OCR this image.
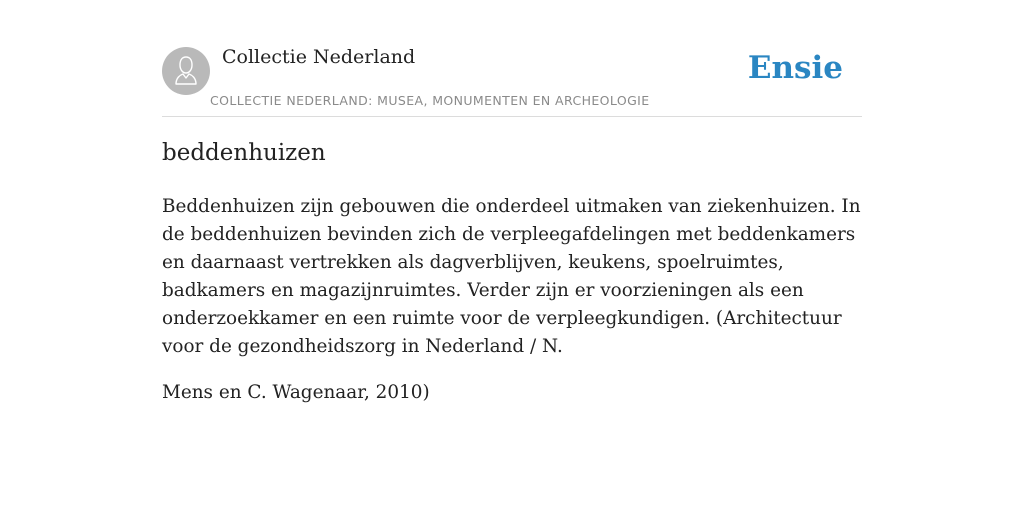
Collectie Nederland
COLLECTIE NEDERLAND: MUSEA, MONUMENTEN EN ARCHEOLOGIE
Ensie
beddenhuizen

Beddenhuizen zijn gebouwen die onderdeel uitmaken van ziekenhuizen. In de beddenhuizen bevinden zich de verpleegafdelingen met beddenkamers en daarnaast vertrekken als dagverblijven, keukens, spoelruimtes, badkamers en magazijnruimtes. Verder zijn er voorzieningen als een onderzoekkamer en een ruimte voor de verpleegkundigen. (Architectuur voor de gezondheidszorg in Nederland / N.

Mens en C. Wagenaar, 2010)
